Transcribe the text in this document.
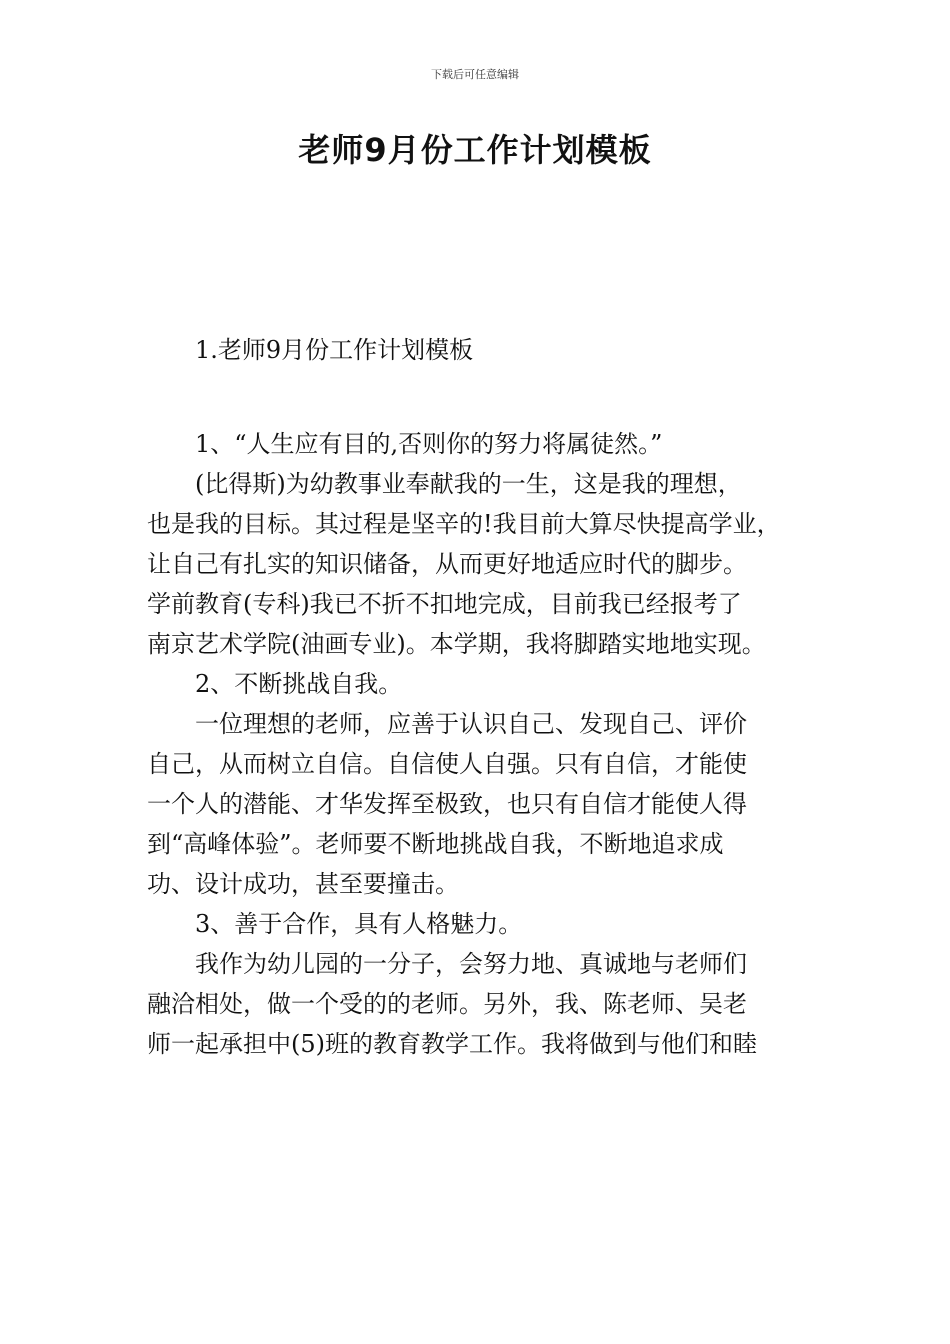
下载后可任意编辑
老师9月份工作计划模板
1.老师9月份工作计划模板
1、“人生应有目的,否则你的努力将属徒然。”
(比得斯)为幼教事业奉献我的一生，这是我的理想，
也是我的目标。其过程是坚辛的!我目前大算尽快提高学业，
让自己有扎实的知识储备，从而更好地适应时代的脚步。
学前教育(专科)我已不折不扣地完成，目前我已经报考了
南京艺术学院(油画专业)。本学期，我将脚踏实地地实现。
2、不断挑战自我。
一位理想的老师，应善于认识自己、发现自己、评价
自己，从而树立自信。自信使人自强。只有自信，才能使
一个人的潜能、才华发挥至极致，也只有自信才能使人得
到“高峰体验”。老师要不断地挑战自我，不断地追求成
功、设计成功，甚至要撞击。
3、善于合作，具有人格魅力。
我作为幼儿园的一分子，会努力地、真诚地与老师们
融洽相处，做一个受的的老师。另外，我、陈老师、吴老
师一起承担中(5)班的教育教学工作。我将做到与他们和睦
